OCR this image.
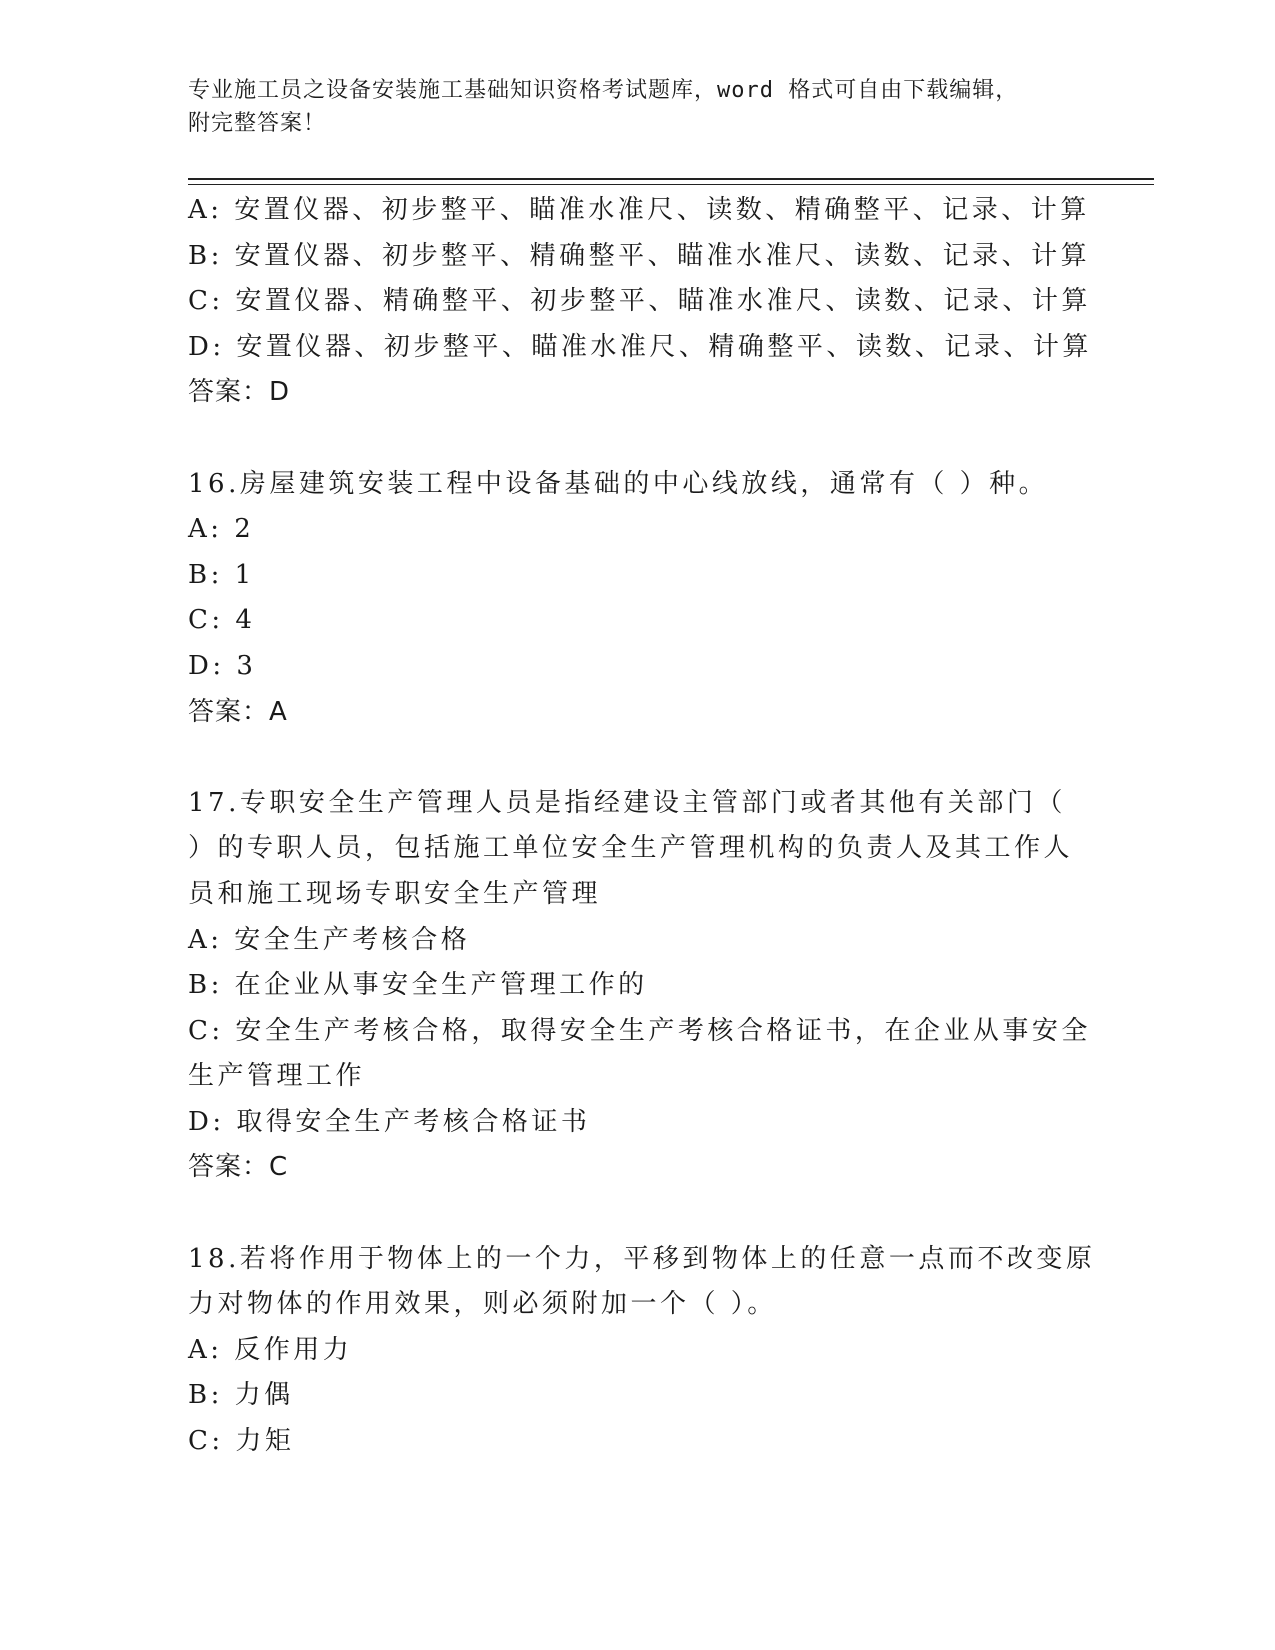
专业施工员之设备安装施工基础知识资格考试题库，word 格式可自由下载编辑，
附完整答案！
A: 安置仪器、初步整平、瞄准水准尺、读数、精确整平、记录、计算
B: 安置仪器、初步整平、精确整平、瞄准水准尺、读数、记录、计算
C: 安置仪器、精确整平、初步整平、瞄准水准尺、读数、记录、计算
D: 安置仪器、初步整平、瞄准水准尺、精确整平、读数、记录、计算
答案：D
16.房屋建筑安装工程中设备基础的中心线放线，通常有（ ）种。
A: 2
B: 1
C: 4
D: 3
答案：A
17.专职安全生产管理人员是指经建设主管部门或者其他有关部门（
）的专职人员，包括施工单位安全生产管理机构的负责人及其工作人
员和施工现场专职安全生产管理
A: 安全生产考核合格
B: 在企业从事安全生产管理工作的
C: 安全生产考核合格，取得安全生产考核合格证书，在企业从事安全
生产管理工作
D: 取得安全生产考核合格证书
答案：C
18.若将作用于物体上的一个力，平移到物体上的任意一点而不改变原
力对物体的作用效果，则必须附加一个（ ）。
A: 反作用力
B: 力偶
C: 力矩
